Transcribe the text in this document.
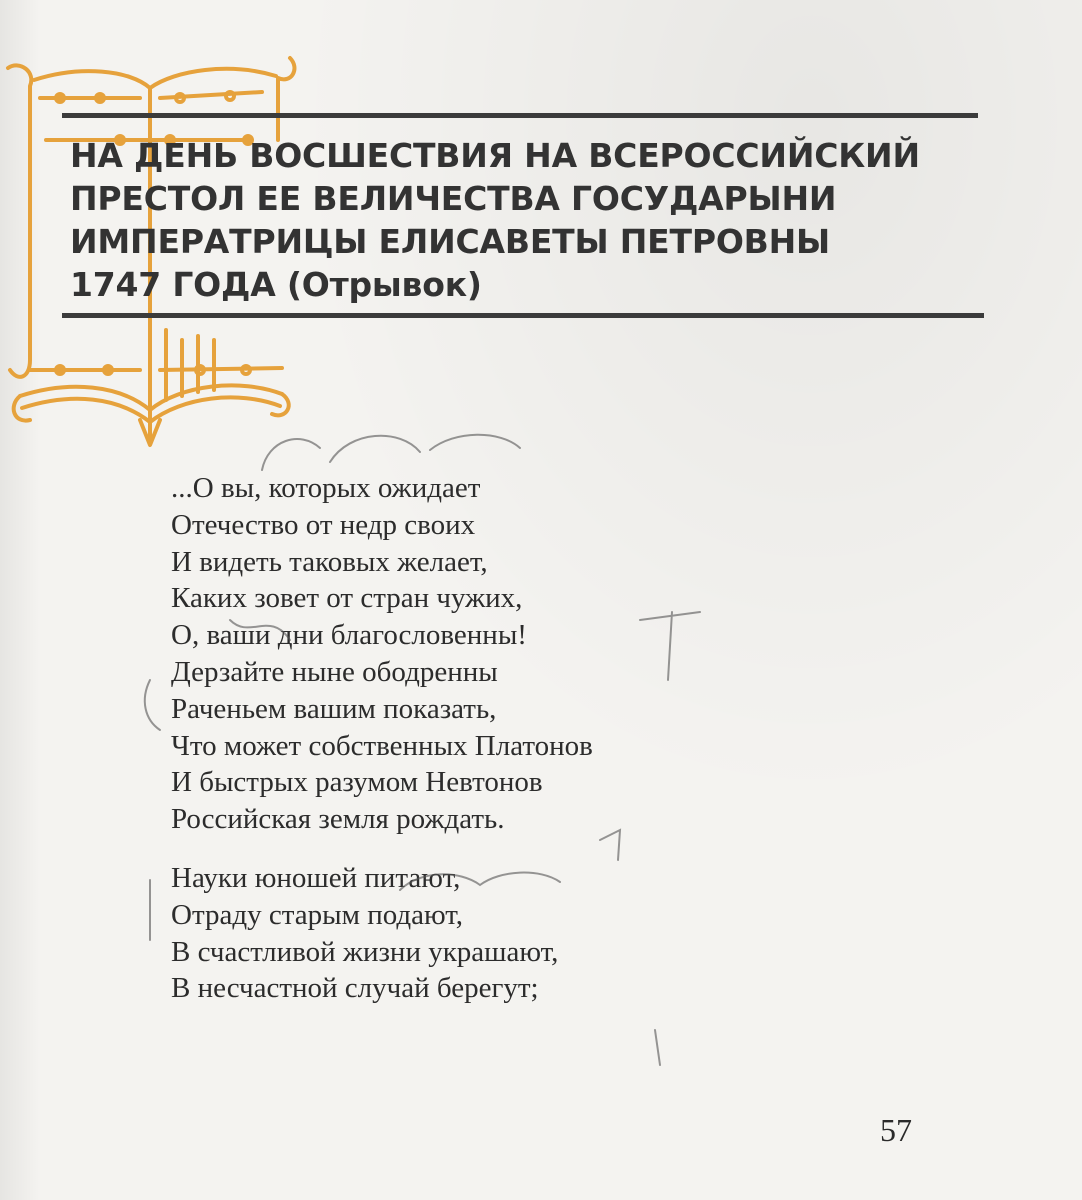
НА ДЕНЬ ВОСШЕСТВИЯ НА ВСЕРОССИЙСКИЙ
ПРЕСТОЛ ЕЕ ВЕЛИЧЕСТВА ГОСУДАРЫНИ
ИМПЕРАТРИЦЫ ЕЛИСАВЕТЫ ПЕТРОВНЫ
1747 ГОДА (Отрывок)

...О вы, которых ожидает
Отечество от недр своих
И видеть таковых желает,
Каких зовет от стран чужих,
О, ваши дни благословенны!
Дерзайте ныне ободренны
Раченьем вашим показать,
Что может собственных Платонов
И быстрых разумом Невтонов
Российская земля рождать.

Науки юношей питают,
Отраду старым подают,
В счастливой жизни украшают,
В несчастной случай берегут;

57
